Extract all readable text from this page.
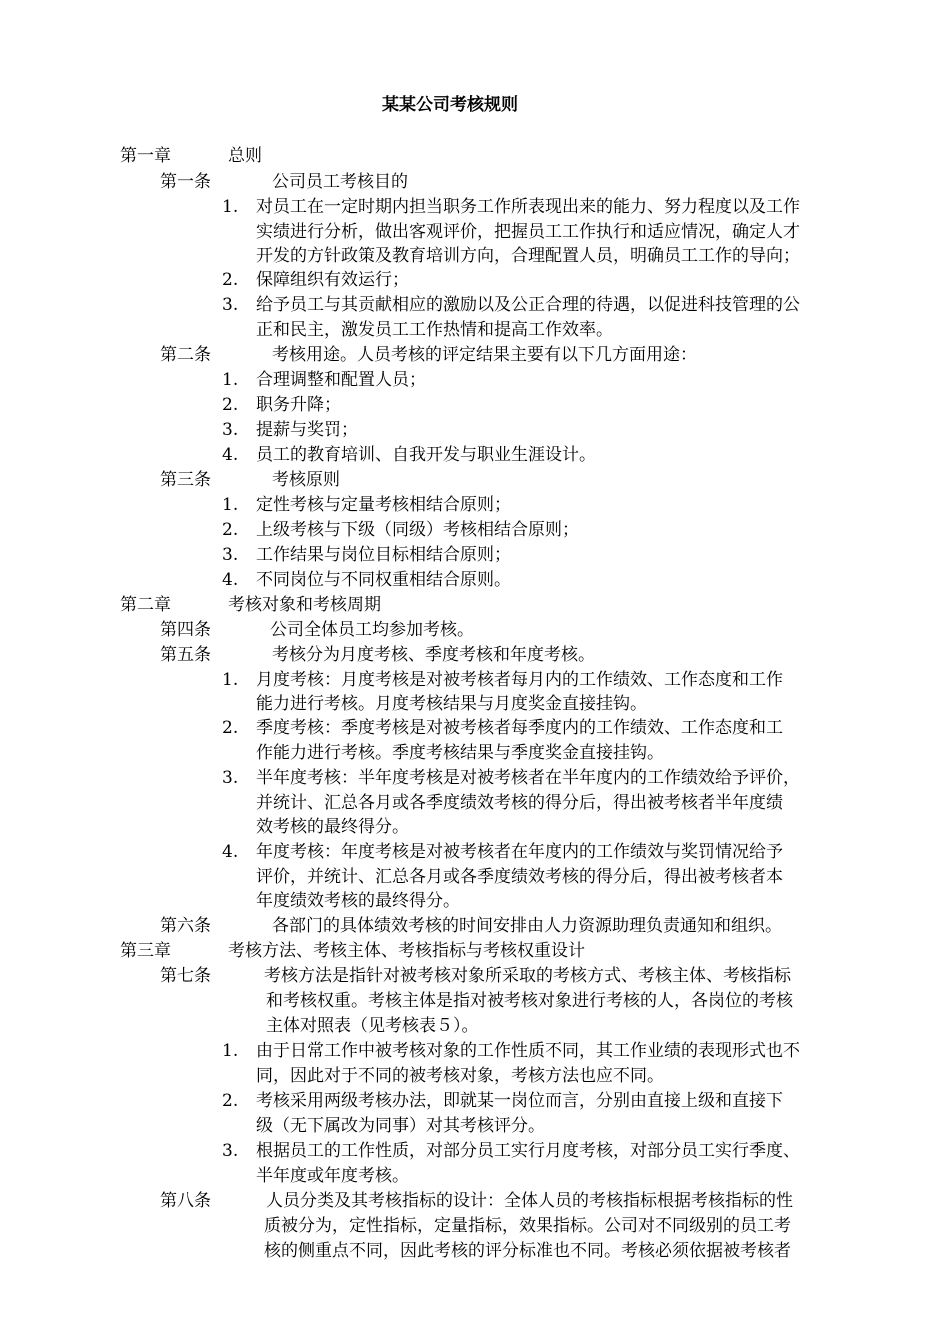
某某公司考核规则
第一章	总则
第一条	公司员工考核目的
1. 对员工在一定时期内担当职务工作所表现出来的能力、努力程度以及工作
实绩进行分析，做出客观评价，把握员工工作执行和适应情况，确定人才
开发的方针政策及教育培训方向，合理配置人员，明确员工工作的导向；
2. 保障组织有效运行；
3. 给予员工与其贡献相应的激励以及公正合理的待遇，以促进科技管理的公
正和民主，激发员工工作热情和提高工作效率。
第二条	考核用途。人员考核的评定结果主要有以下几方面用途：
1. 合理调整和配置人员；
2. 职务升降；
3. 提薪与奖罚；
4. 员工的教育培训、自我开发与职业生涯设计。
第三条	考核原则
1. 定性考核与定量考核相结合原则；
2. 上级考核与下级（同级）考核相结合原则；
3. 工作结果与岗位目标相结合原则；
4. 不同岗位与不同权重相结合原则。
第二章	考核对象和考核周期
第四条	公司全体员工均参加考核。
第五条	考核分为月度考核、季度考核和年度考核。
1. 月度考核：月度考核是对被考核者每月内的工作绩效、工作态度和工作
能力进行考核。月度考核结果与月度奖金直接挂钩。
2. 季度考核：季度考核是对被考核者每季度内的工作绩效、工作态度和工
作能力进行考核。季度考核结果与季度奖金直接挂钩。
3. 半年度考核：半年度考核是对被考核者在半年度内的工作绩效给予评价，
并统计、汇总各月或各季度绩效考核的得分后，得出被考核者半年度绩
效考核的最终得分。
4. 年度考核：年度考核是对被考核者在年度内的工作绩效与奖罚情况给予
评价，并统计、汇总各月或各季度绩效考核的得分后，得出被考核者本
年度绩效考核的最终得分。
第六条	各部门的具体绩效考核的时间安排由人力资源助理负责通知和组织。
第三章	考核方法、考核主体、考核指标与考核权重设计
第七条	考核方法是指针对被考核对象所采取的考核方式、考核主体、考核指标
和考核权重。考核主体是指对被考核对象进行考核的人，各岗位的考核
主体对照表（见考核表５）。
1. 由于日常工作中被考核对象的工作性质不同，其工作业绩的表现形式也不
同，因此对于不同的被考核对象，考核方法也应不同。
2. 考核采用两级考核办法，即就某一岗位而言，分别由直接上级和直接下
级（无下属改为同事）对其考核评分。
3. 根据员工的工作性质，对部分员工实行月度考核，对部分员工实行季度、
半年度或年度考核。
第八条	人员分类及其考核指标的设计：全体人员的考核指标根据考核指标的性
质被分为，定性指标，定量指标，效果指标。公司对不同级别的员工考
核的侧重点不同，因此考核的评分标准也不同。考核必须依据被考核者
